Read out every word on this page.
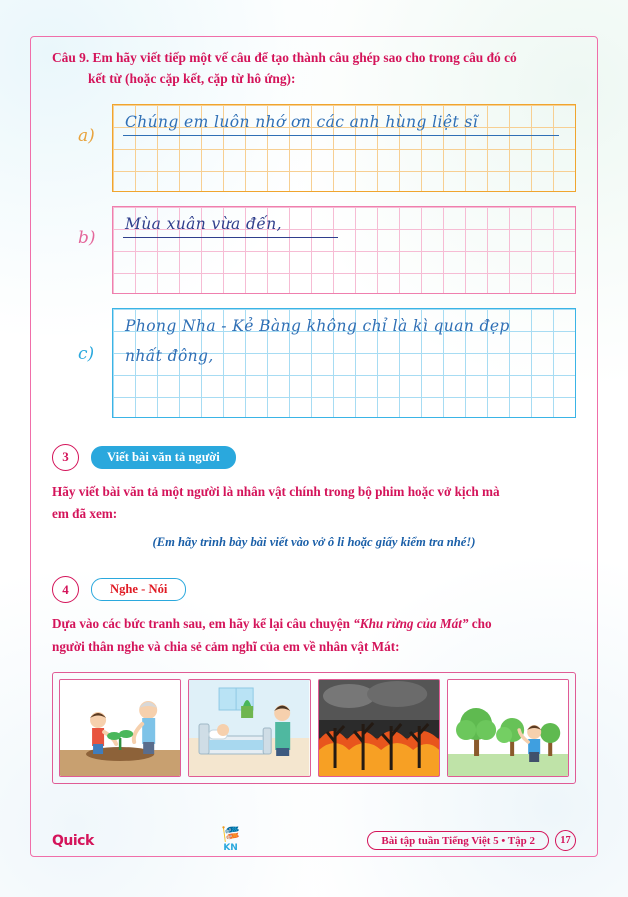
Câu 9. Em hãy viết tiếp một vế câu để tạo thành câu ghép sao cho trong câu đó có
kết từ (hoặc cặp kết, cặp từ hô ứng):
a)
Chúng em luôn nhớ ơn các anh hùng liệt sĩ
b)
Mùa xuân vừa đến,
c)
Phong Nha - Kẻ Bàng không chỉ là kì quan đẹp
nhất đông,
3	Viết bài văn tả người
Hãy viết bài văn tả một người là nhân vật chính trong bộ phim hoặc vở kịch mà
em đã xem:
(Em hãy trình bày bài viết vào vở ô li hoặc giấy kiểm tra nhé!)
4	Nghe - Nói
Dựa vào các bức tranh sau, em hãy kể lại câu chuyện “Khu rừng của Mát” cho
người thân nghe và chia sẻ cảm nghĩ của em về nhân vật Mát:
Quick	🎏
KN
Bài tập tuần Tiếng Việt 5 • Tập 2	17
